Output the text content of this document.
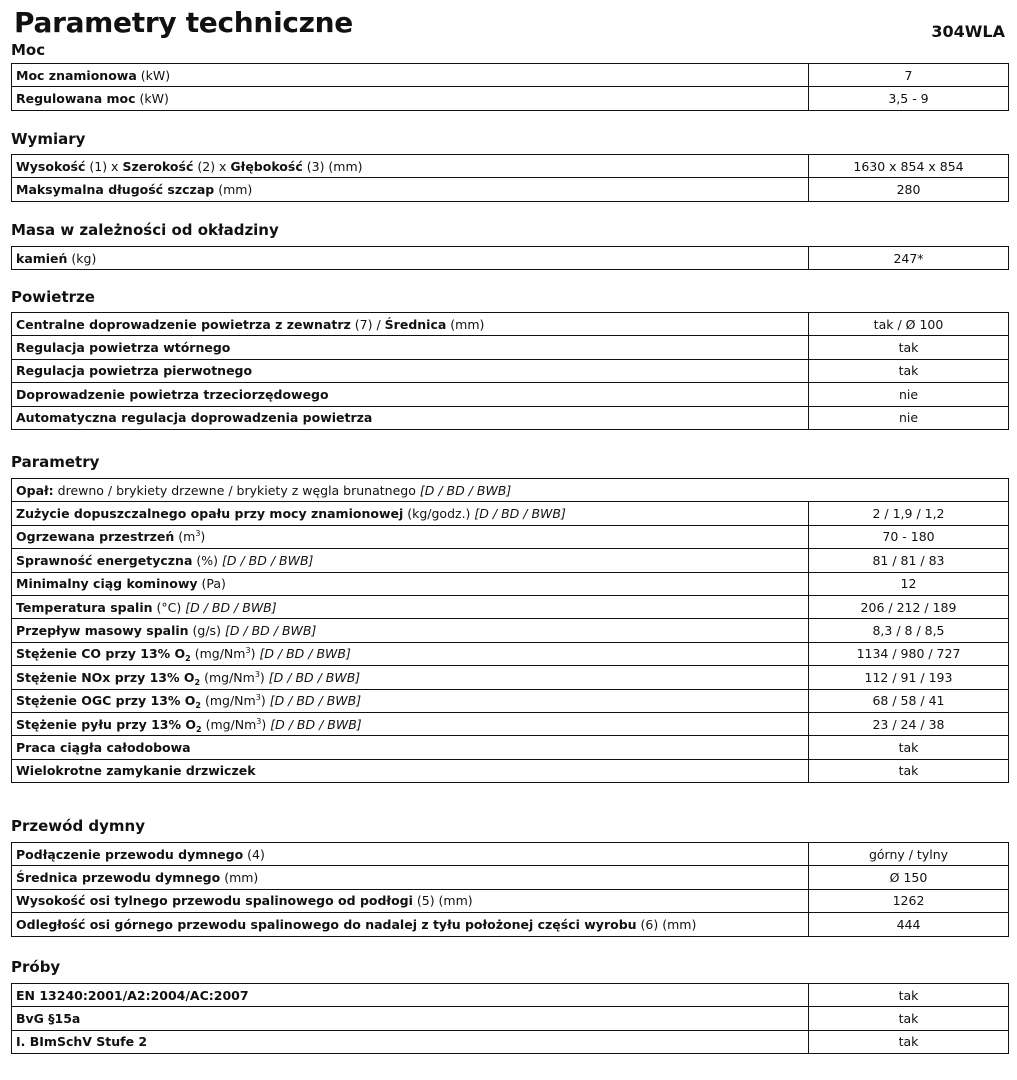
Parametry techniczne	304WLA
Moc
Moc znamionowa (kW)	7
Regulowana moc (kW)	3,5 - 9
Wymiary
Wysokość (1) x Szerokość (2) x Głębokość (3) (mm)	1630 x 854 x 854
Maksymalna długość szczap (mm)	280
Masa w zależności od okładziny
kamień (kg)	247*
Powietrze
Centralne doprowadzenie powietrza z zewnatrz (7) / Średnica (mm)	tak / Ø 100
Regulacja powietrza wtórnego	tak
Regulacja powietrza pierwotnego	tak
Doprowadzenie powietrza trzeciorzędowego	nie
Automatyczna regulacja doprowadzenia powietrza	nie
Parametry
Opał: drewno / brykiety drzewne / brykiety z węgla brunatnego [D / BD / BWB]	
Zużycie dopuszczalnego opału przy mocy znamionowej (kg/godz.) [D / BD / BWB]	2 / 1,9 / 1,2
Ogrzewana przestrzeń $(m^3)$	70 - 180
Sprawność energetyczna (%) [D / BD / BWB]	81 / 81 / 83
Minimalny ciąg kominowy (Pa)	12
Temperatura spalin (°C) [D / BD / BWB]	206 / 212 / 189
Przepływ masowy spalin (g/s) [D / BD / BWB]	8,3 / 8 / 8,5
Stężenie CO przy 13% $O_2$ (mg/Nm$^3$) [D / BD / BWB]	1134 / 980 / 727
Stężenie NOx przy 13% $O_2$ (mg/Nm$^3$) [D / BD / BWB]	112 / 91 / 193
Stężenie OGC przy 13% $O_2$ (mg/Nm$^3$) [D / BD / BWB]	68 / 58 / 41
Stężenie pyłu przy 13% $O_2$ (mg/Nm$^3$) [D / BD / BWB]	23 / 24 / 38
Praca ciągła całodobowa	tak
Wielokrotne zamykanie drzwiczek	tak
Przewód dymny
Podłączenie przewodu dymnego (4)	górny / tylny
Średnica przewodu dymnego (mm)	Ø 150
Wysokość osi tylnego przewodu spalinowego od podłogi (5) (mm)	1262
Odległość osi górnego przewodu spalinowego do nadalej z tyłu położonej części wyrobu (6) (mm)	444
Próby
EN 13240:2001/A2:2004/AC:2007	tak
BvG §15a	tak
I. BImSchV Stufe 2	tak
